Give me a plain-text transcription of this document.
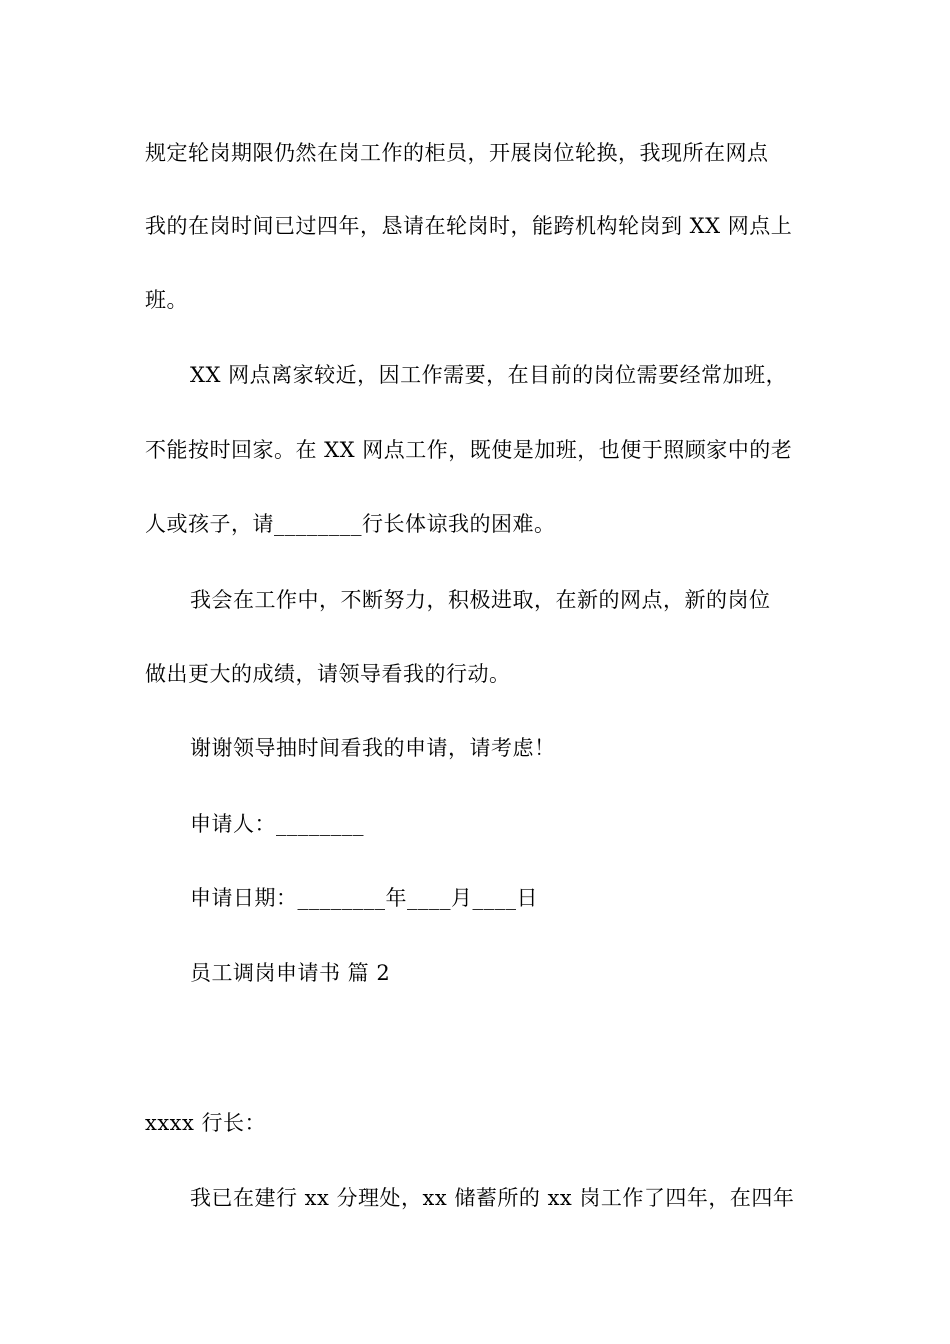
规定轮岗期限仍然在岗工作的柜员，开展岗位轮换，我现所在网点
我的在岗时间已过四年，恳请在轮岗时，能跨机构轮岗到 XX 网点上
班。
XX 网点离家较近，因工作需要，在目前的岗位需要经常加班，
不能按时回家。在 XX 网点工作，既使是加班，也便于照顾家中的老
人或孩子，请________行长体谅我的困难。
我会在工作中，不断努力，积极进取，在新的网点，新的岗位
做出更大的成绩，请领导看我的行动。
谢谢领导抽时间看我的申请，请考虑！
申请人：________
申请日期：________年____月____日
员工调岗申请书 篇 2
xxxx 行长：
我已在建行 xx 分理处，xx 储蓄所的 xx 岗工作了四年，在四年
